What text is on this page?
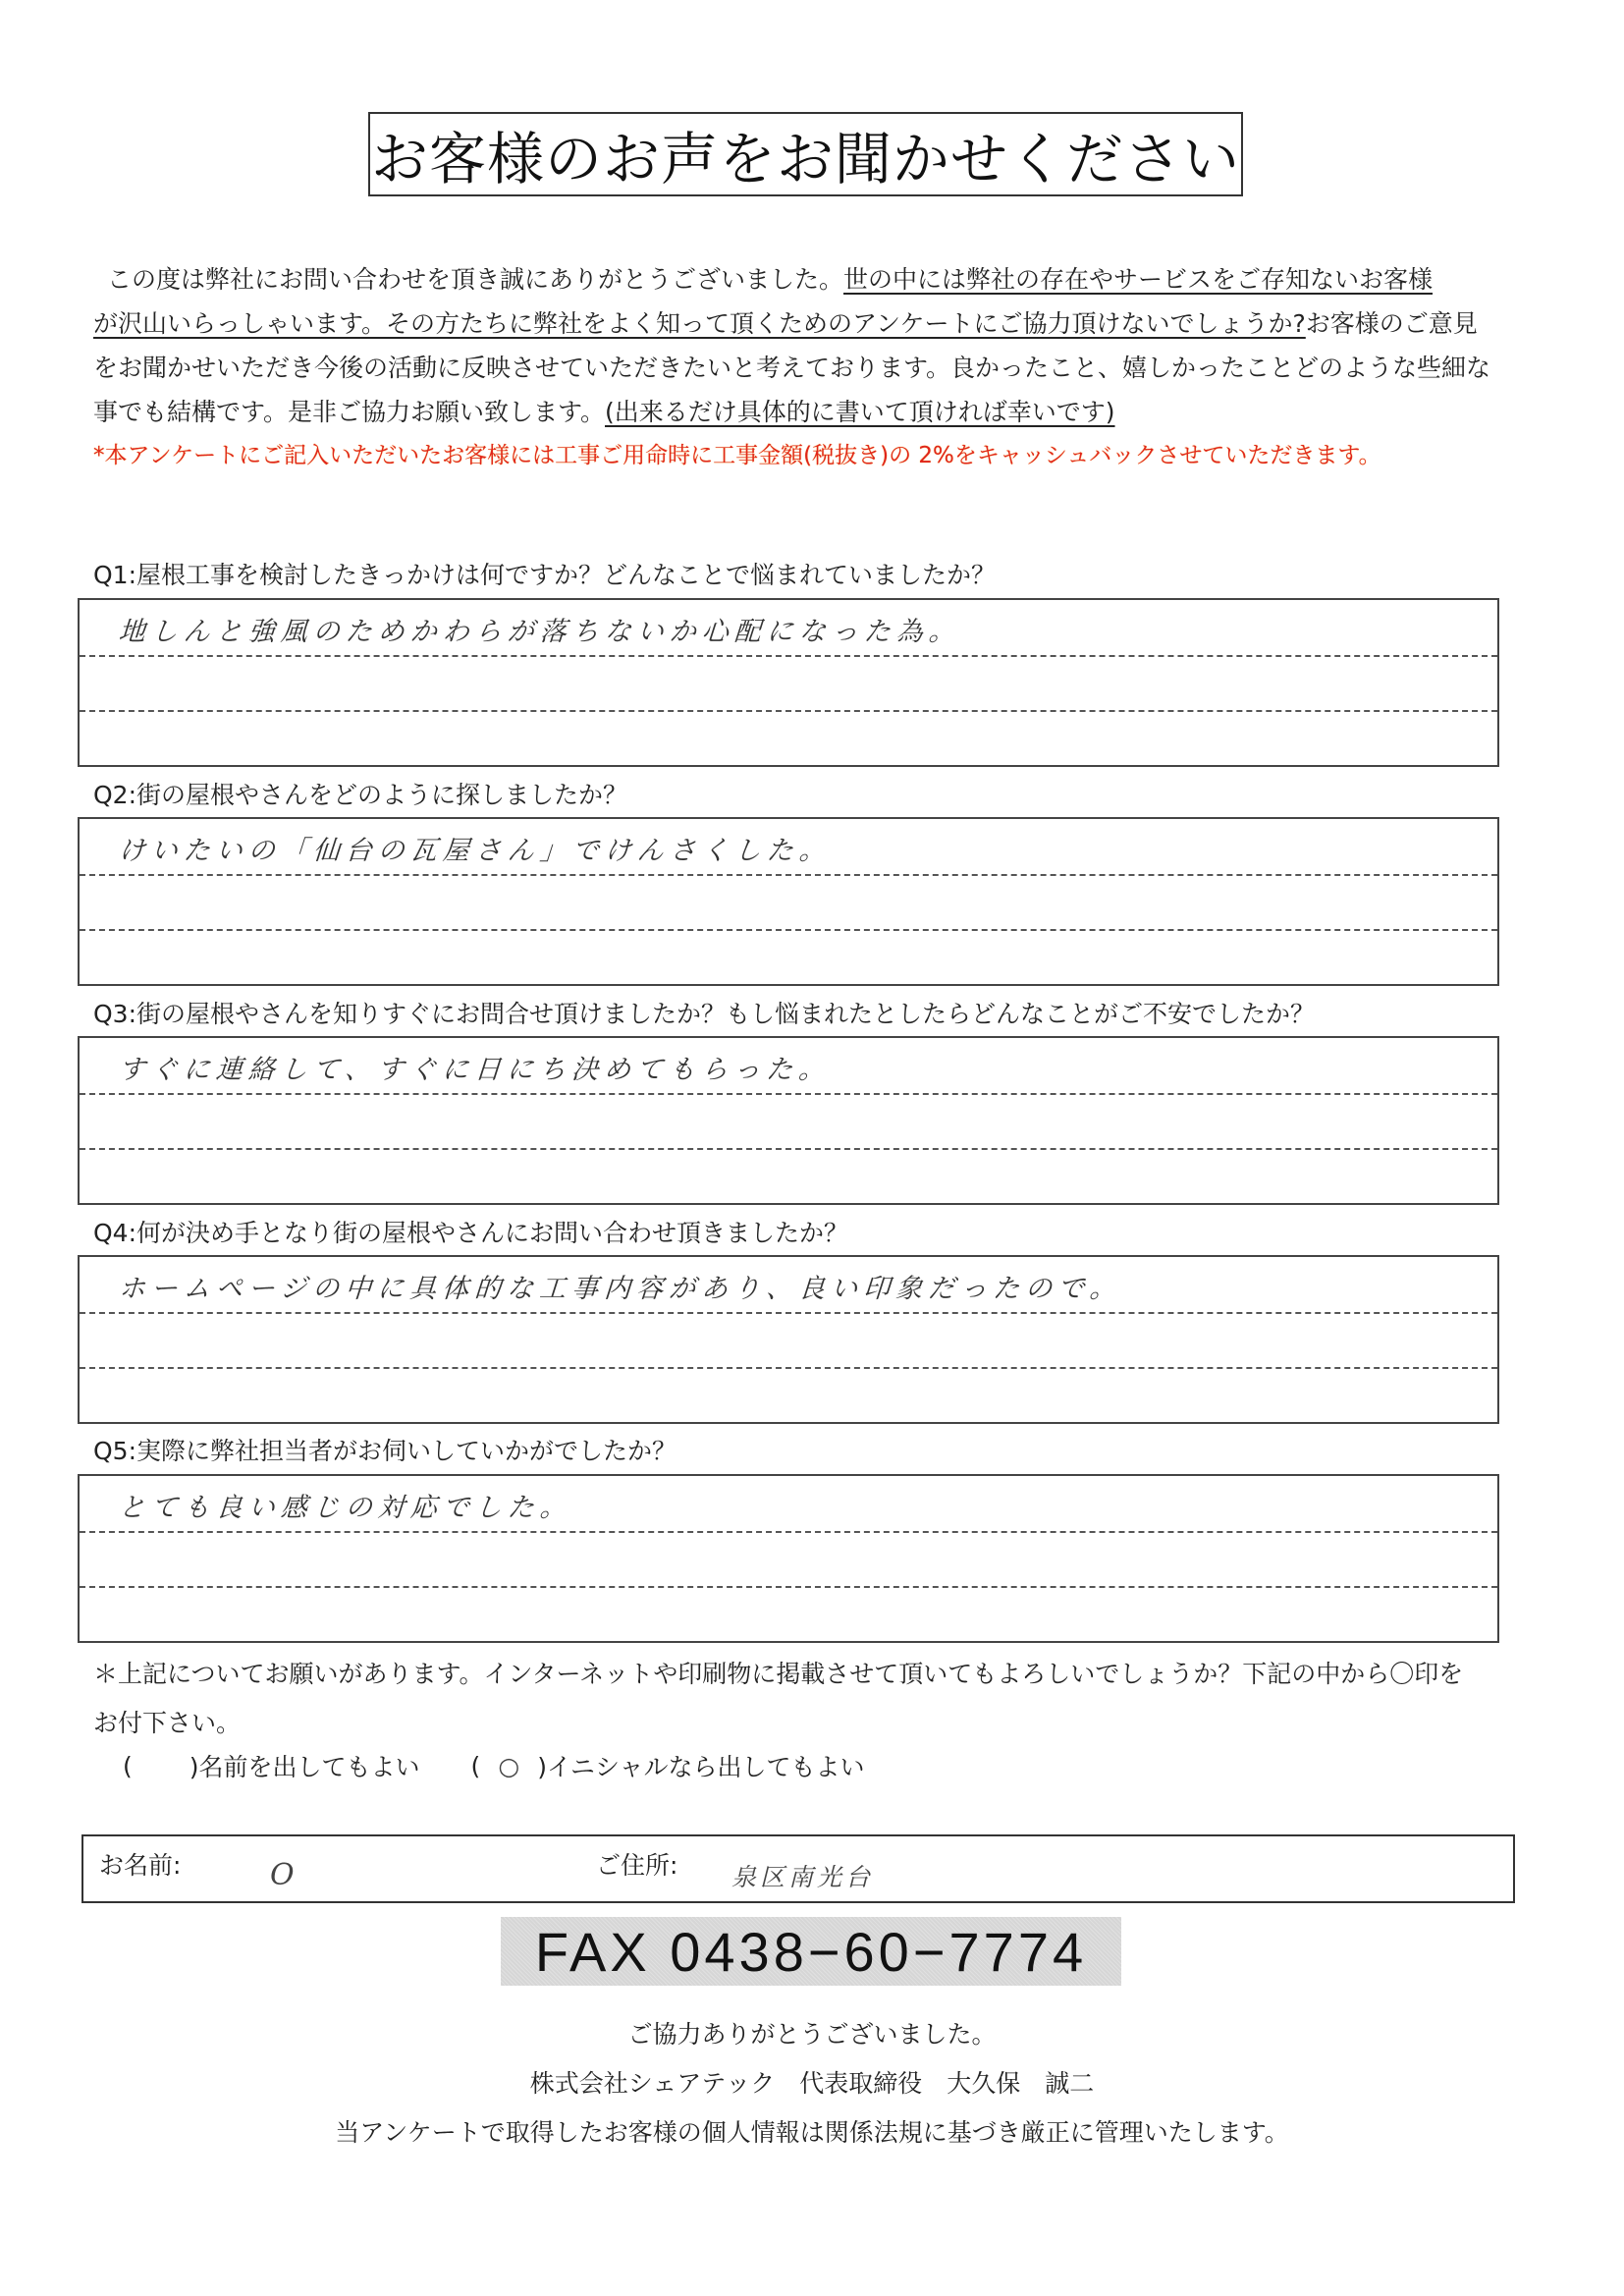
お客様のお声をお聞かせください
この度は弊社にお問い合わせを頂き誠にありがとうございました。世の中には弊社の存在やサービスをご存知ないお客様
が沢山いらっしゃいます。その方たちに弊社をよく知って頂くためのアンケートにご協力頂けないでしょうか?お客様のご意見
をお聞かせいただき今後の活動に反映させていただきたいと考えております。良かったこと、嬉しかったことどのような些細な
事でも結構です。是非ご協力お願い致します。(出来るだけ具体的に書いて頂ければ幸いです)
*本アンケートにご記入いただいたお客様には工事ご用命時に工事金額(税抜き)の 2%をキャッシュバックさせていただきます。
Q1:屋根工事を検討したきっかけは何ですか？どんなことで悩まれていましたか？
地しんと強風のためかわらが落ちないか心配になった為。
Q2:街の屋根やさんをどのように探しましたか？
けいたいの「仙台の瓦屋さん」でけんさくした。
Q3:街の屋根やさんを知りすぐにお問合せ頂けましたか？もし悩まれたとしたらどんなことがご不安でしたか？
すぐに連絡して、すぐに日にち決めてもらった。
Q4:何が決め手となり街の屋根やさんにお問い合わせ頂きましたか？
ホームページの中に具体的な工事内容があり、良い印象だったので。
Q5:実際に弊社担当者がお伺いしていかがでしたか？
とても良い感じの対応でした。
＊上記についてお願いがあります。インターネットや印刷物に掲載させて頂いてもよろしいでしょうか？下記の中から〇印を
お付下さい。
( )名前を出してもよい ( ○ )イニシャルなら出してもよい
お名前:	O	ご住所: 泉区南光台
FAX 0438−60−7774
ご協力ありがとうございました。
株式会社シェアテック　代表取締役　大久保　誠二
当アンケートで取得したお客様の個人情報は関係法規に基づき厳正に管理いたします。
